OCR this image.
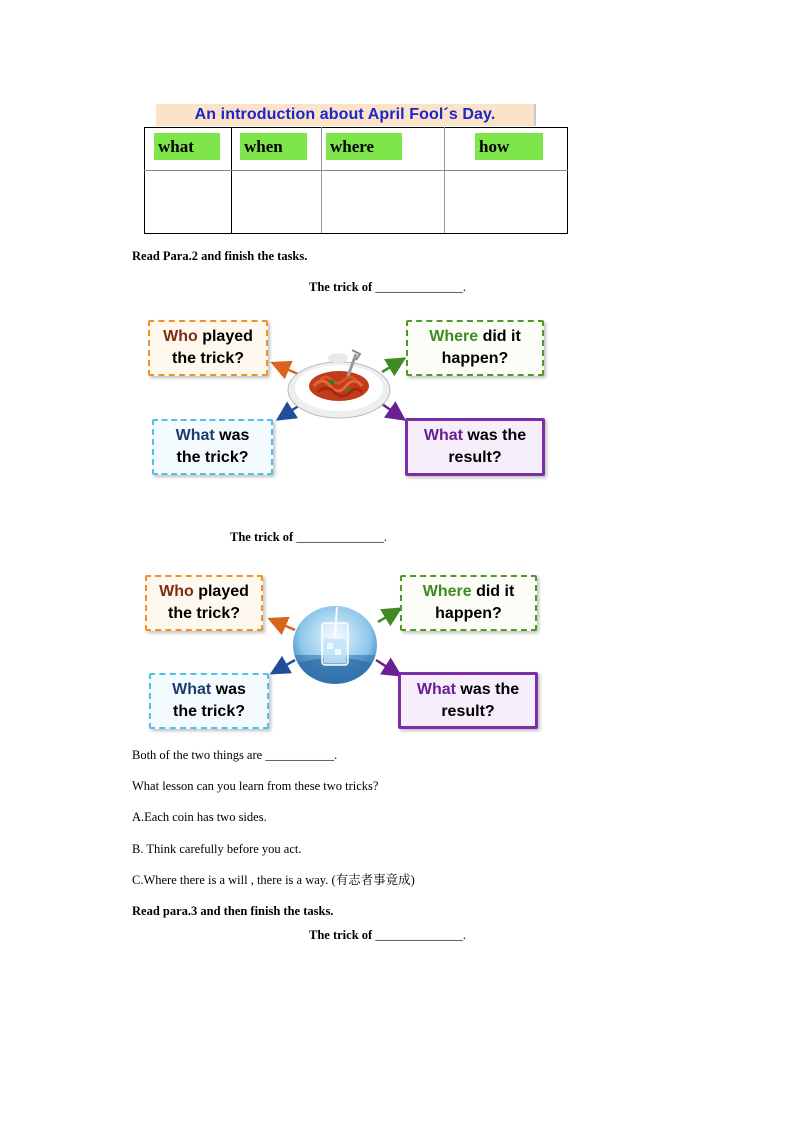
An introduction about April Fool´s Day.
what	when	where	how

Read Para.2 and finish the tasks.
The trick of ______________.
Who played
the trick?
Where did it
happen?
What was
the trick?
What was the
result?
The trick of ______________.
Who played
the trick?
Where did it
happen?
What was
the trick?
What was the
result?
Both of the two things are ___________.
What lesson can you learn from these two tricks?
A.Each coin has two sides.
B. Think carefully before you act.
C.Where there is a will , there is a way. (有志者事竟成)
Read para.3 and then finish the tasks.
The trick of ______________.
